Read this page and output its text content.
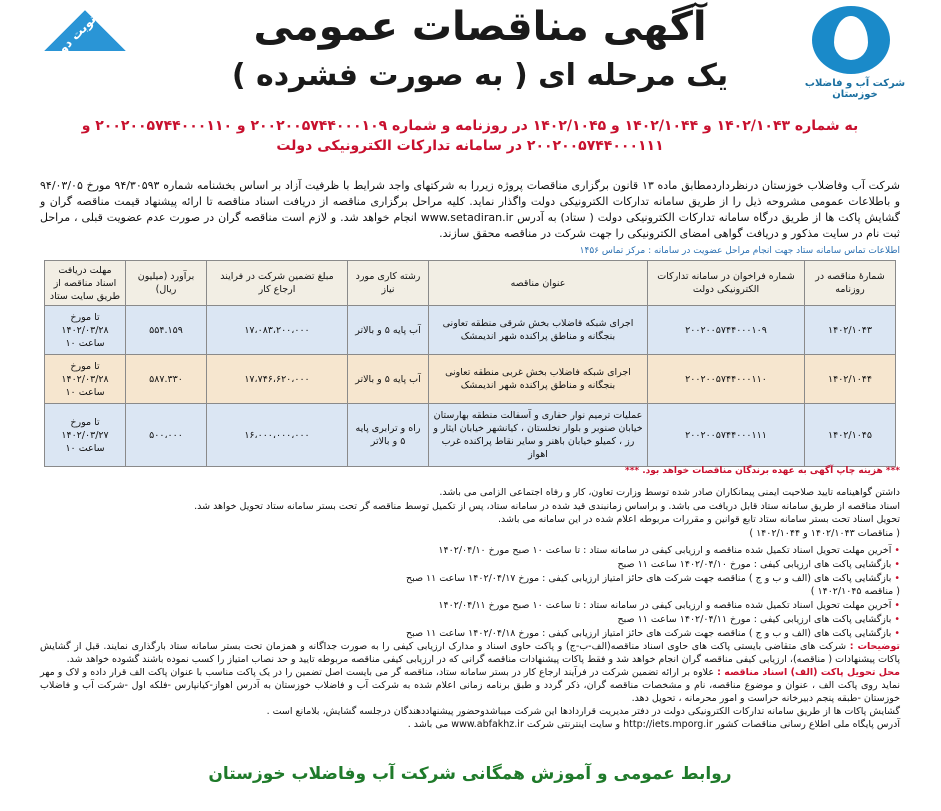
آگهی مناقصات عمومی
یک مرحله ای ( به صورت فشرده )	شرکت آب و فاضلاب خوزستان
نوبت دوم
به شماره ۱۴۰۲/۱۰۴۳ و ۱۴۰۲/۱۰۴۴ و ۱۴۰۲/۱۰۴۵ در روزنامه و شماره ۲۰۰۲۰۰۵۷۴۴۰۰۰۱۰۹ و ۲۰۰۲۰۰۵۷۴۴۰۰۰۱۱۰ و ۲۰۰۲۰۰۵۷۴۴۰۰۰۱۱۱ در سامانه تدارکات الکترونیکی دولت
شرکت آب وفاضلاب خوزستان درنظرداردمطابق ماده ۱۳ قانون برگزاری مناقصات پروژه زیررا به شرکتهای واجد شرایط با ظرفیت آزاد بر اساس بخشنامه شماره ۹۴/۳۰۵۹۳ مورخ ۹۴/۰۳/۰۵ و باطلاعات عمومی مشروحه ذیل را از طریق سامانه تدارکات الکترونیکی دولت واگذار نماید. کلیه مراحل برگزاری مناقصه از دریافت اسناد مناقصه تا ارائه پیشنهاد قیمت مناقصه گران و گشایش پاکت ها از طریق درگاه سامانه تدارکات الکترونیکی دولت ( ستاد) به آدرس www.setadiran.ir انجام خواهد شد. و لازم است مناقصه گران در صورت عدم عضویت قبلی ، مراحل ثبت نام در سایت مذکور و دریافت گواهی امضای الکترونیکی را جهت شرکت در مناقصه محقق سازند.
اطلاعات تماس سامانه ستاد جهت انجام مراحل عضویت در سامانه : مرکز تماس ۱۴۵۶
شمارهٔ مناقصه در روزنامه	شماره فراخوان در سامانه تدارکات الکترونیکی دولت	عنوان مناقصه	رشته کاری مورد نیاز	مبلغ تضمین شرکت در فرایند ارجاع کار	برآورد (میلیون ریال)	مهلت دریافت اسناد مناقصه از طریق سایت ستاد
۱۴۰۲/۱۰۴۳	۲۰۰۲۰۰۵۷۴۴۰۰۰۱۰۹	اجرای شبکه فاضلاب بخش شرقی منطقه تعاونی بنجگانه و مناطق پراکنده شهر اندیمشک	آب پایه ۵ و بالاتر	۱۷،۰۸۳،۲۰۰،۰۰۰	۵۵۴.۱۵۹	تا مورخ ۱۴۰۲/۰۳/۲۸ ساعت ۱۰
۱۴۰۲/۱۰۴۴	۲۰۰۲۰۰۵۷۴۴۰۰۰۱۱۰	اجرای شبکه فاضلاب بخش غربی منطقه تعاونی بنجگانه و مناطق پراکنده شهر اندیمشک	آب پایه ۵ و بالاتر	۱۷،۷۴۶،۶۲۰،۰۰۰	۵۸۷.۳۳۰	تا مورخ ۱۴۰۲/۰۳/۲۸ ساعت ۱۰
۱۴۰۲/۱۰۴۵	۲۰۰۲۰۰۵۷۴۴۰۰۰۱۱۱	عملیات ترمیم نوار حفاری و آسفالت منطقه بهارستان خیابان صنوبر و بلوار نخلستان ، کیانشهر خیابان ایثار و رز ، کمیلو خیابان باهنر و سایر نقاط پراکنده غرب اهواز	راه و ترابری پایه ۵ و بالاتر	۱۶،۰۰۰،۰۰۰،۰۰۰	۵۰۰،۰۰۰	تا مورخ ۱۴۰۲/۰۳/۲۷ ساعت ۱۰
*** هزینه چاپ آگهی به عهده برندگان مناقصات خواهد بود. ***

داشتن گواهینامه تایید صلاحیت ایمنی پیمانکاران صادر شده توسط وزارت تعاون، کار و رفاه اجتماعی الزامی می باشد.

اسناد مناقصه از طریق سامانه ستاد قابل دریافت می باشد. و براساس زمانبندی قید شده در سامانه ستاد، پس از تکمیل توسط مناقصه گر تحت بستر سامانه ستاد تحویل خواهد شد.

تحویل اسناد تحت بستر سامانه ستاد تابع قوانین و مقررات مربوطه اعلام شده در این سامانه می باشد.

( مناقصات ۱۴۰۲/۱۰۴۳ و ۱۴۰۲/۱۰۴۴ )

• آخرین مهلت تحویل اسناد تکمیل شده مناقصه و ارزیابی کیفی در سامانه ستاد : تا ساعت ۱۰ صبح مورخ ۱۴۰۲/۰۴/۱۰

• بازگشایی پاکت های ارزیابی کیفی : مورخ ۱۴۰۲/۰۴/۱۰ ساعت ۱۱ صبح

• بازگشایی پاکت های (الف و ب و ج ) مناقصه جهت شرکت های حائز امتیاز ارزیابی کیفی : مورخ ۱۴۰۲/۰۴/۱۷ ساعت ۱۱ صبح

( مناقصه ۱۴۰۲/۱۰۴۵ )

• آخرین مهلت تحویل اسناد تکمیل شده مناقصه و ارزیابی کیفی در سامانه ستاد : تا ساعت ۱۰ صبح مورخ ۱۴۰۲/۰۴/۱۱

• بازگشایی پاکت های ارزیابی کیفی : مورخ ۱۴۰۲/۰۴/۱۱ ساعت ۱۱ صبح

• بازگشایی پاکت های (الف و ب و ج ) مناقصه جهت شرکت های حائز امتیاز ارزیابی کیفی : مورخ ۱۴۰۲/۰۴/۱۸ ساعت ۱۱ صبح

توضیحات : شرکت های متقاضی بایستی پاکت های حاوی اسناد مناقصه(الف-ب-ج) و پاکت حاوی اسناد و مدارک ارزیابی کیفی را به صورت جداگانه و همزمان تحت بستر سامانه ستاد بارگذاری نمایند. قبل از گشایش پاکات پیشنهادات ( مناقصه)، ارزیابی کیفی مناقصه گران انجام خواهد شد و فقط پاکات پیشنهادات مناقصه گرانی که در ارزیابی کیفی مناقصه مربوطه تایید و حد نصاب امتیاز را کسب نموده باشند گشوده خواهد شد.

محل تحویل پاکت (الف) اسناد مناقصه : علاوه بر ارائه تضمین شرکت در فرآیند ارجاع کار در بستر سامانه ستاد، مناقصه گر می بایست اصل تضمین را در یک پاکت مناسب با عنوان پاکت الف قرار داده و لاک و مهر نماید روی پاکت الف ، عنوان و موضوع مناقصه، نام و مشخصات مناقصه گران، ذکر گردد و طبق برنامه زمانی اعلام شده به شرکت آب و فاضلاب خوزستان به آدرس اهواز-کیانپارس -فلکه اول -شرکت آب و فاضلاب خوزستان -طبقه پنجم دبیرخانه حراست و امور محرمانه ، تحویل دهد.

گشایش پاکات ها از طریق سامانه تدارکات الکترونیکی دولت در دفتر مدیریت قراردادها این شرکت میباشدوحضور پیشنهاددهندگان درجلسه گشایش، بلامانع است .

آدرس پایگاه ملی اطلاع رسانی مناقصات کشور http://iets.mporg.ir و سایت اینترنتی شرکت www.abfakhz.ir می باشد .

روابط عمومی و آموزش همگانی شرکت آب وفاضلاب خوزستان
